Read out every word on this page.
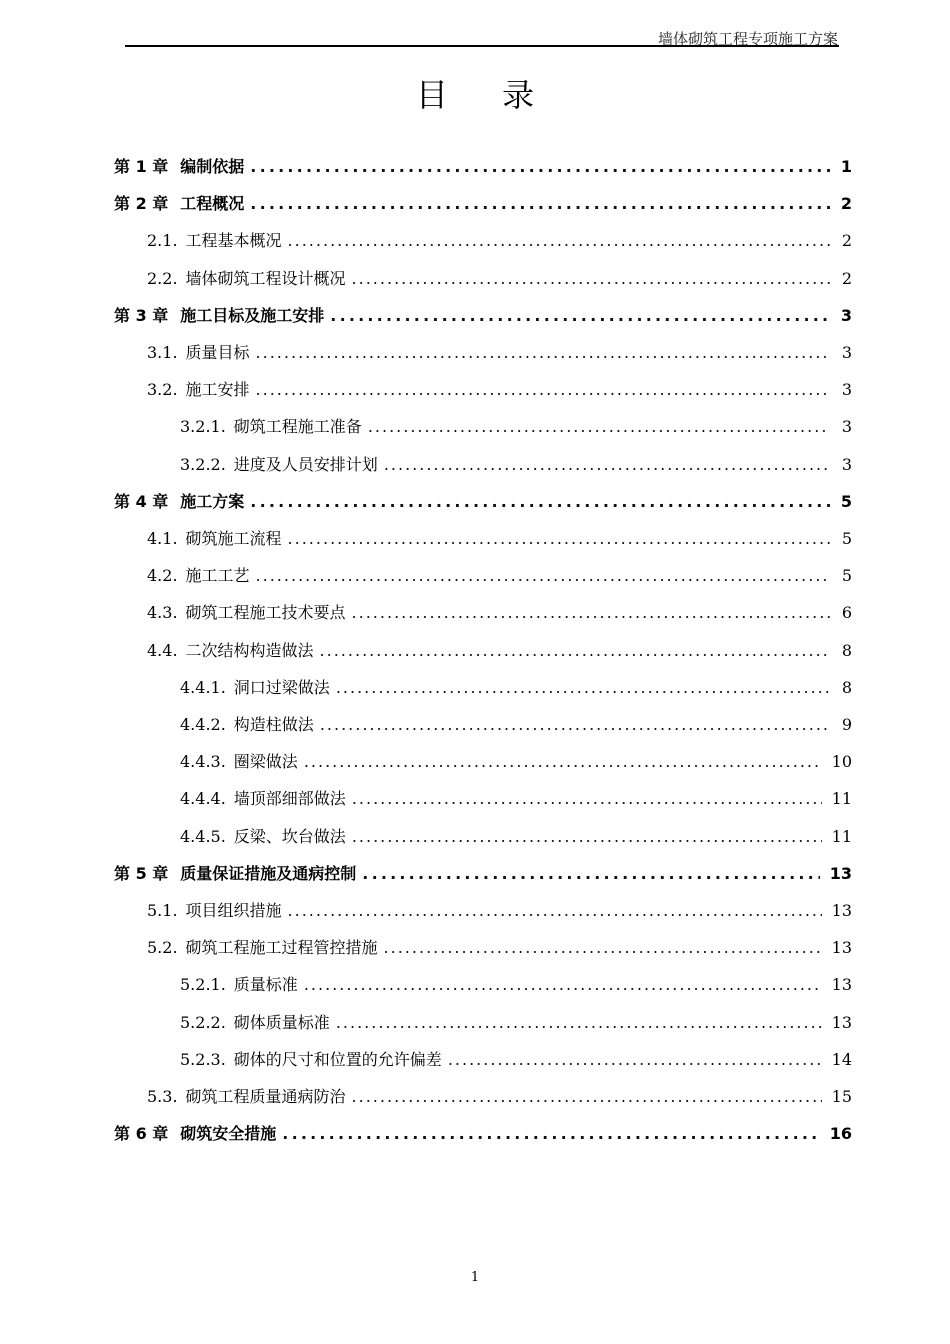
墙体砌筑工程专项施工方案
目 录
第 1 章 编制依据 .....	1
第 2 章 工程概况 .....	2
2.1. 工程基本概况 .....	2
2.2. 墙体砌筑工程设计概况 .....	2
第 3 章 施工目标及施工安排 .....	3
3.1. 质量目标 .....	3
3.2. 施工安排 .....	3
3.2.1. 砌筑工程施工准备 .....	3
3.2.2. 进度及人员安排计划 .....	3
第 4 章 施工方案 .....	5
4.1. 砌筑施工流程 .....	5
4.2. 施工工艺 .....	5
4.3. 砌筑工程施工技术要点 .....	6
4.4. 二次结构构造做法 .....	8
4.4.1. 洞口过梁做法 .....	8
4.4.2. 构造柱做法 .....	9
4.4.3. 圈梁做法 .....	10
4.4.4. 墙顶部细部做法 .....	11
4.4.5. 反梁、坎台做法 .....	11
第 5 章 质量保证措施及通病控制 .....	13
5.1. 项目组织措施 .....	13
5.2. 砌筑工程施工过程管控措施 .....	13
5.2.1. 质量标准 .....	13
5.2.2. 砌体质量标准 .....	13
5.2.3. 砌体的尺寸和位置的允许偏差 .....	14
5.3. 砌筑工程质量通病防治 .....	15
第 6 章 砌筑安全措施 .....	16
1
